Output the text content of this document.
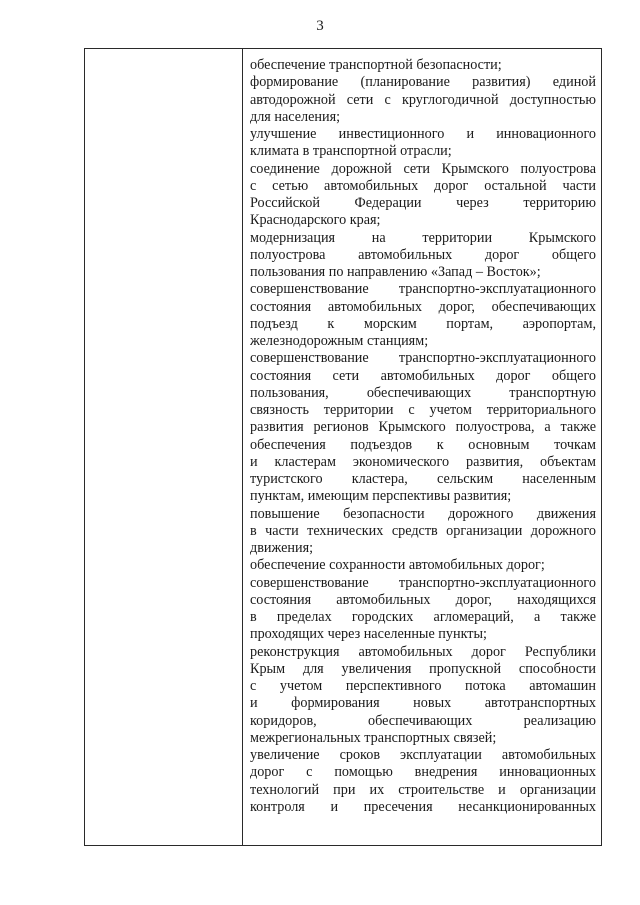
3
обеспечение транспортной безопасности;
формирование (планирование развития) единой
автодорожной сети с круглогодичной доступностью
для населения;
улучшение инвестиционного и инновационного
климата в транспортной отрасли;
соединение дорожной сети Крымского полуострова
с сетью автомобильных дорог остальной части
Российской Федерации через территорию
Краснодарского края;
модернизация на территории Крымского
полуострова автомобильных дорог общего
пользования по направлению «Запад – Восток»;
совершенствование транспортно-эксплуатационного
состояния автомобильных дорог, обеспечивающих
подъезд к морским портам, аэропортам,
железнодорожным станциям;
совершенствование транспортно-эксплуатационного
состояния сети автомобильных дорог общего
пользования, обеспечивающих транспортную
связность территории с учетом территориального
развития регионов Крымского полуострова, а также
обеспечения подъездов к основным точкам
и кластерам экономического развития, объектам
туристского кластера, сельским населенным
пунктам, имеющим перспективы развития;
повышение безопасности дорожного движения
в части технических средств организации дорожного
движения;
обеспечение сохранности автомобильных дорог;
совершенствование транспортно-эксплуатационного
состояния автомобильных дорог, находящихся
в пределах городских агломераций, а также
проходящих через населенные пункты;
реконструкция автомобильных дорог Республики
Крым для увеличения пропускной способности
с учетом перспективного потока автомашин
и формирования новых автотранспортных
коридоров, обеспечивающих реализацию
межрегиональных транспортных связей;
увеличение сроков эксплуатации автомобильных
дорог с помощью внедрения инновационных
технологий при их строительстве и организации
контроля и пресечения несанкционированных
